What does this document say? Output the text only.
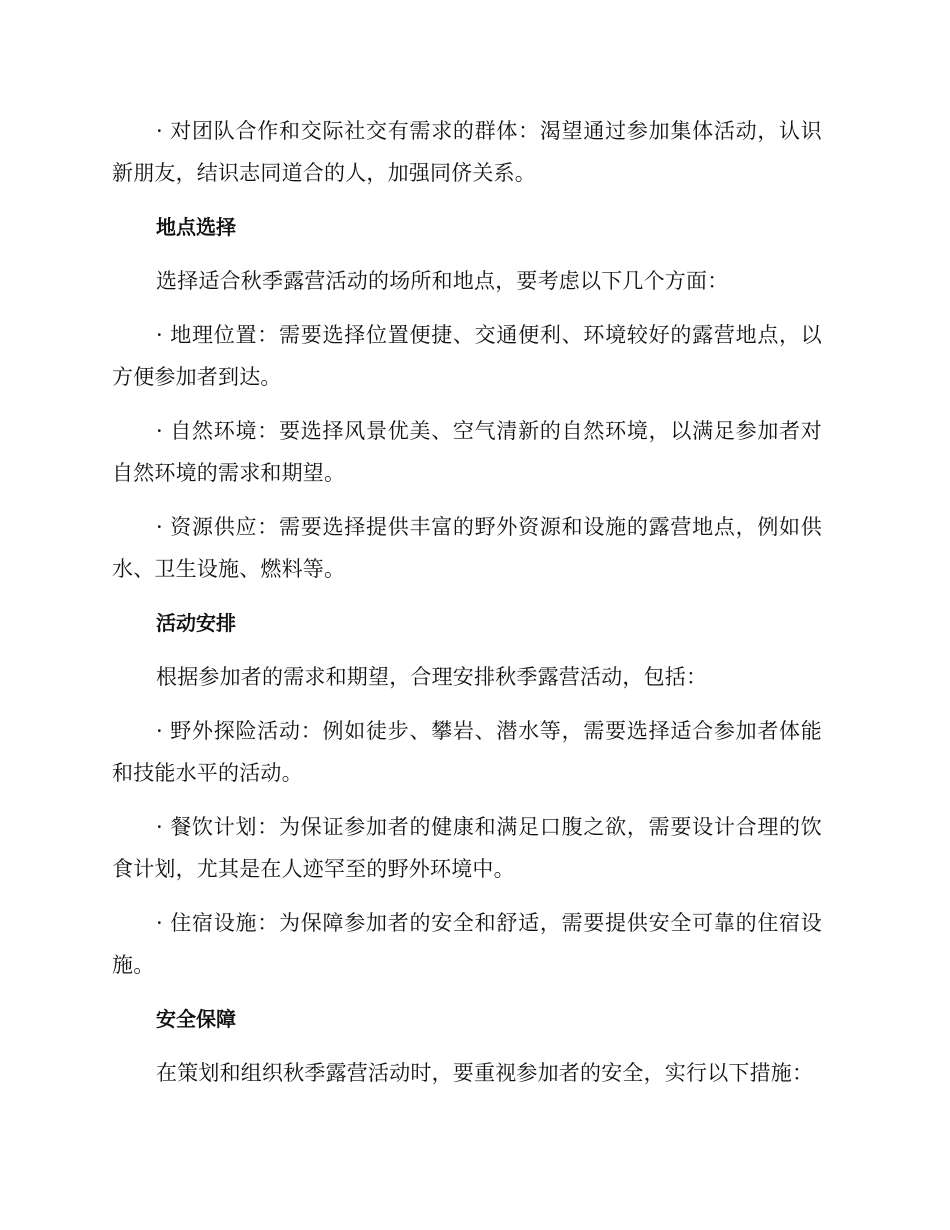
· 对团队合作和交际社交有需求的群体：渴望通过参加集体活动，认识新朋友，结识志同道合的人，加强同侪关系。

地点选择

选择适合秋季露营活动的场所和地点，要考虑以下几个方面：

· 地理位置：需要选择位置便捷、交通便利、环境较好的露营地点，以方便参加者到达。

· 自然环境：要选择风景优美、空气清新的自然环境，以满足参加者对自然环境的需求和期望。

· 资源供应：需要选择提供丰富的野外资源和设施的露营地点，例如供水、卫生设施、燃料等。

活动安排

根据参加者的需求和期望，合理安排秋季露营活动，包括：

· 野外探险活动：例如徒步、攀岩、潜水等，需要选择适合参加者体能和技能水平的活动。

· 餐饮计划：为保证参加者的健康和满足口腹之欲，需要设计合理的饮食计划，尤其是在人迹罕至的野外环境中。

· 住宿设施：为保障参加者的安全和舒适，需要提供安全可靠的住宿设施。

安全保障

在策划和组织秋季露营活动时，要重视参加者的安全，实行以下措施：
